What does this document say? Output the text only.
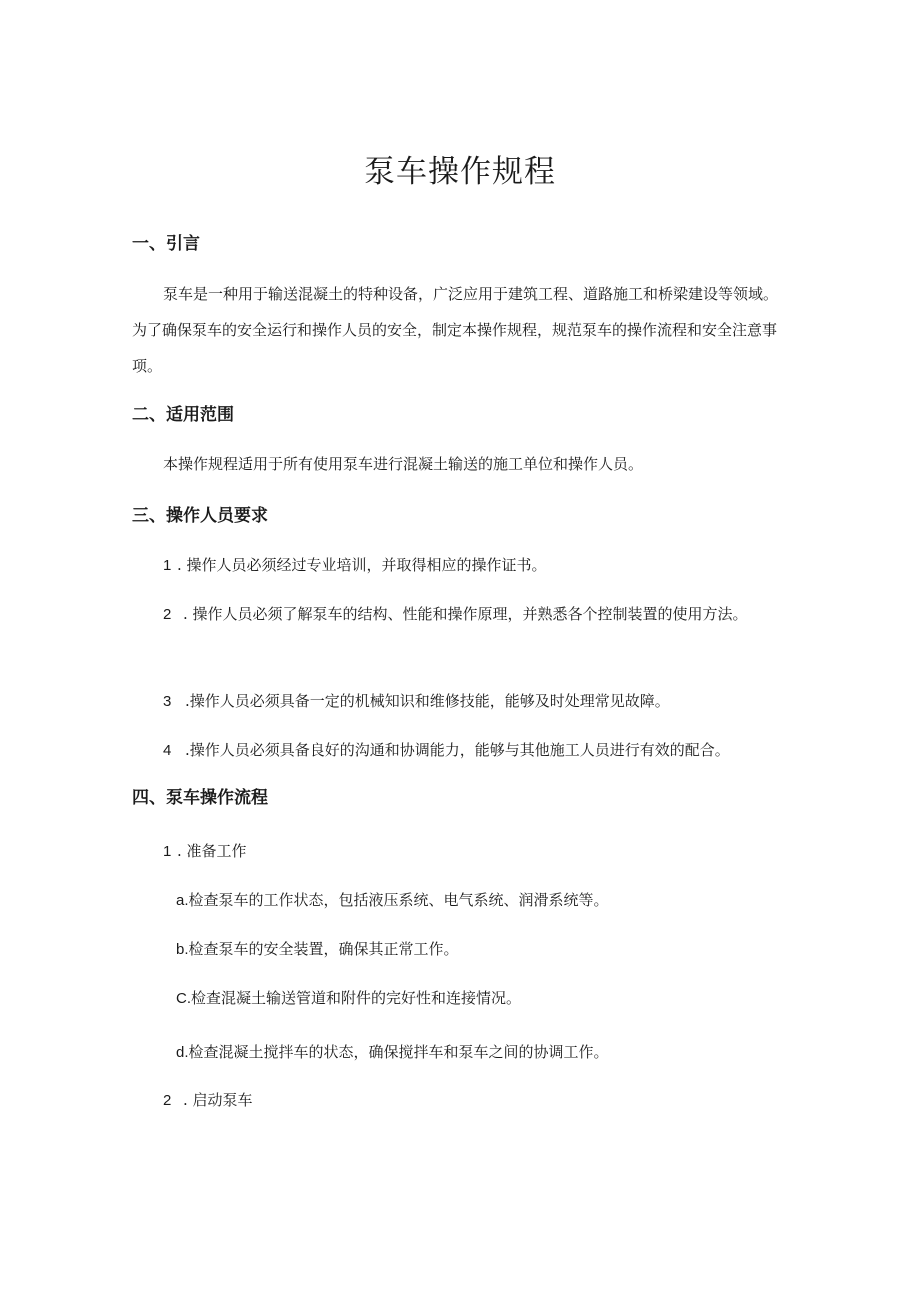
泵车操作规程
一、引言
泵车是一种用于输送混凝土的特种设备，广泛应用于建筑工程、道路施工和桥梁建设等领域。为了确保泵车的安全运行和操作人员的安全，制定本操作规程，规范泵车的操作流程和安全注意事项。
二、适用范围
本操作规程适用于所有使用泵车进行混凝土输送的施工单位和操作人员。
三、操作人员要求
1 . 操作人员必须经过专业培训，并取得相应的操作证书。
2 . 操作人员必须了解泵车的结构、性能和操作原理，并熟悉各个控制装置的使用方法。
3 .操作人员必须具备一定的机械知识和维修技能，能够及时处理常见故障。
4 .操作人员必须具备良好的沟通和协调能力，能够与其他施工人员进行有效的配合。
四、泵车操作流程
1 . 准备工作
a.检查泵车的工作状态，包括液压系统、电气系统、润滑系统等。
b.检查泵车的安全装置，确保其正常工作。
C.检查混凝土输送管道和附件的完好性和连接情况。
d.检查混凝土搅拌车的状态，确保搅拌车和泵车之间的协调工作。
2 . 启动泵车
